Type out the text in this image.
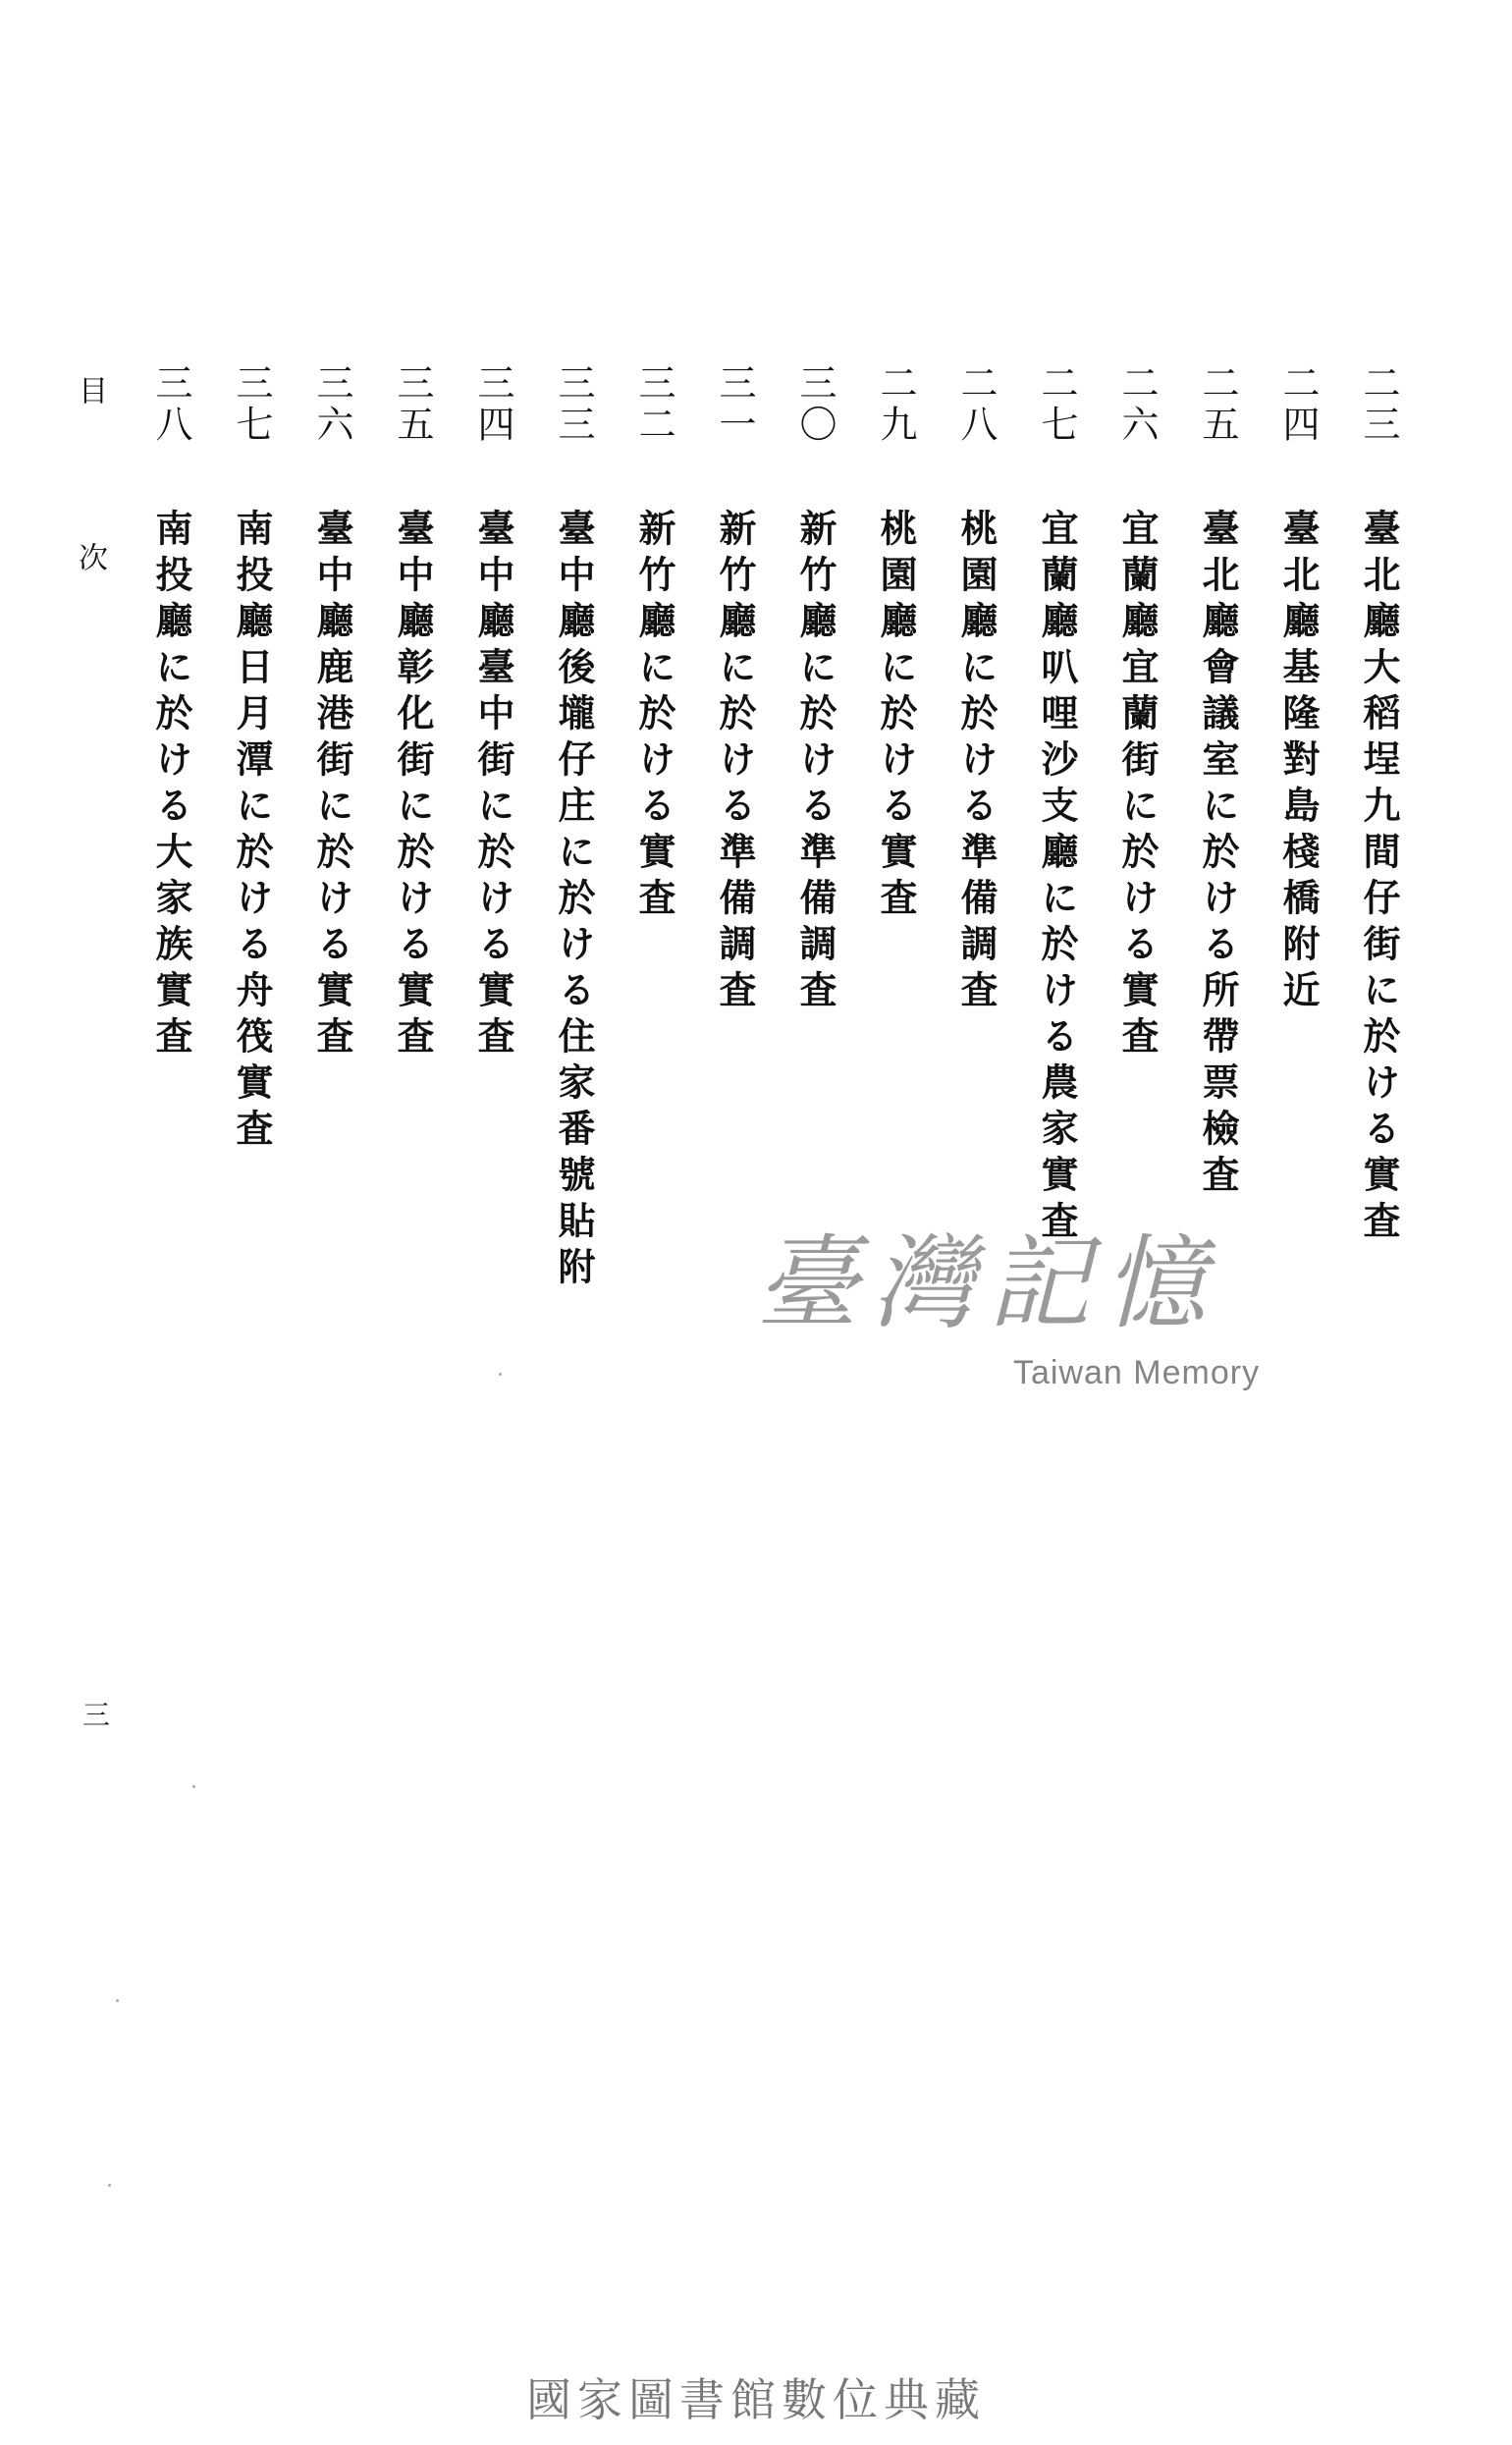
二三
臺北廳大稻埕九間仔街に於ける實査
二四
臺北廳基隆對島棧橋附近
二五
臺北廳會議室に於ける所帶票檢査
二六
宜蘭廳宜蘭街に於ける實査
二七
宜蘭廳叭哩沙支廳に於ける農家實査
二八
桃園廳に於ける準備調査
二九
桃園廳に於ける實査
三〇
新竹廳に於ける準備調査
三一
新竹廳に於ける準備調査
三二
新竹廳に於ける實査
三三
臺中廳後壠仔庄に於ける住家番號貼附
三四
臺中廳臺中街に於ける實査
三五
臺中廳彰化街に於ける實査
三六
臺中廳鹿港街に於ける實査
三七
南投廳日月潭に於ける舟筏實査
三八
南投廳に於ける大家族實査
目次
三
臺灣記憶
Taiwan Memory
國家圖書館數位典藏
